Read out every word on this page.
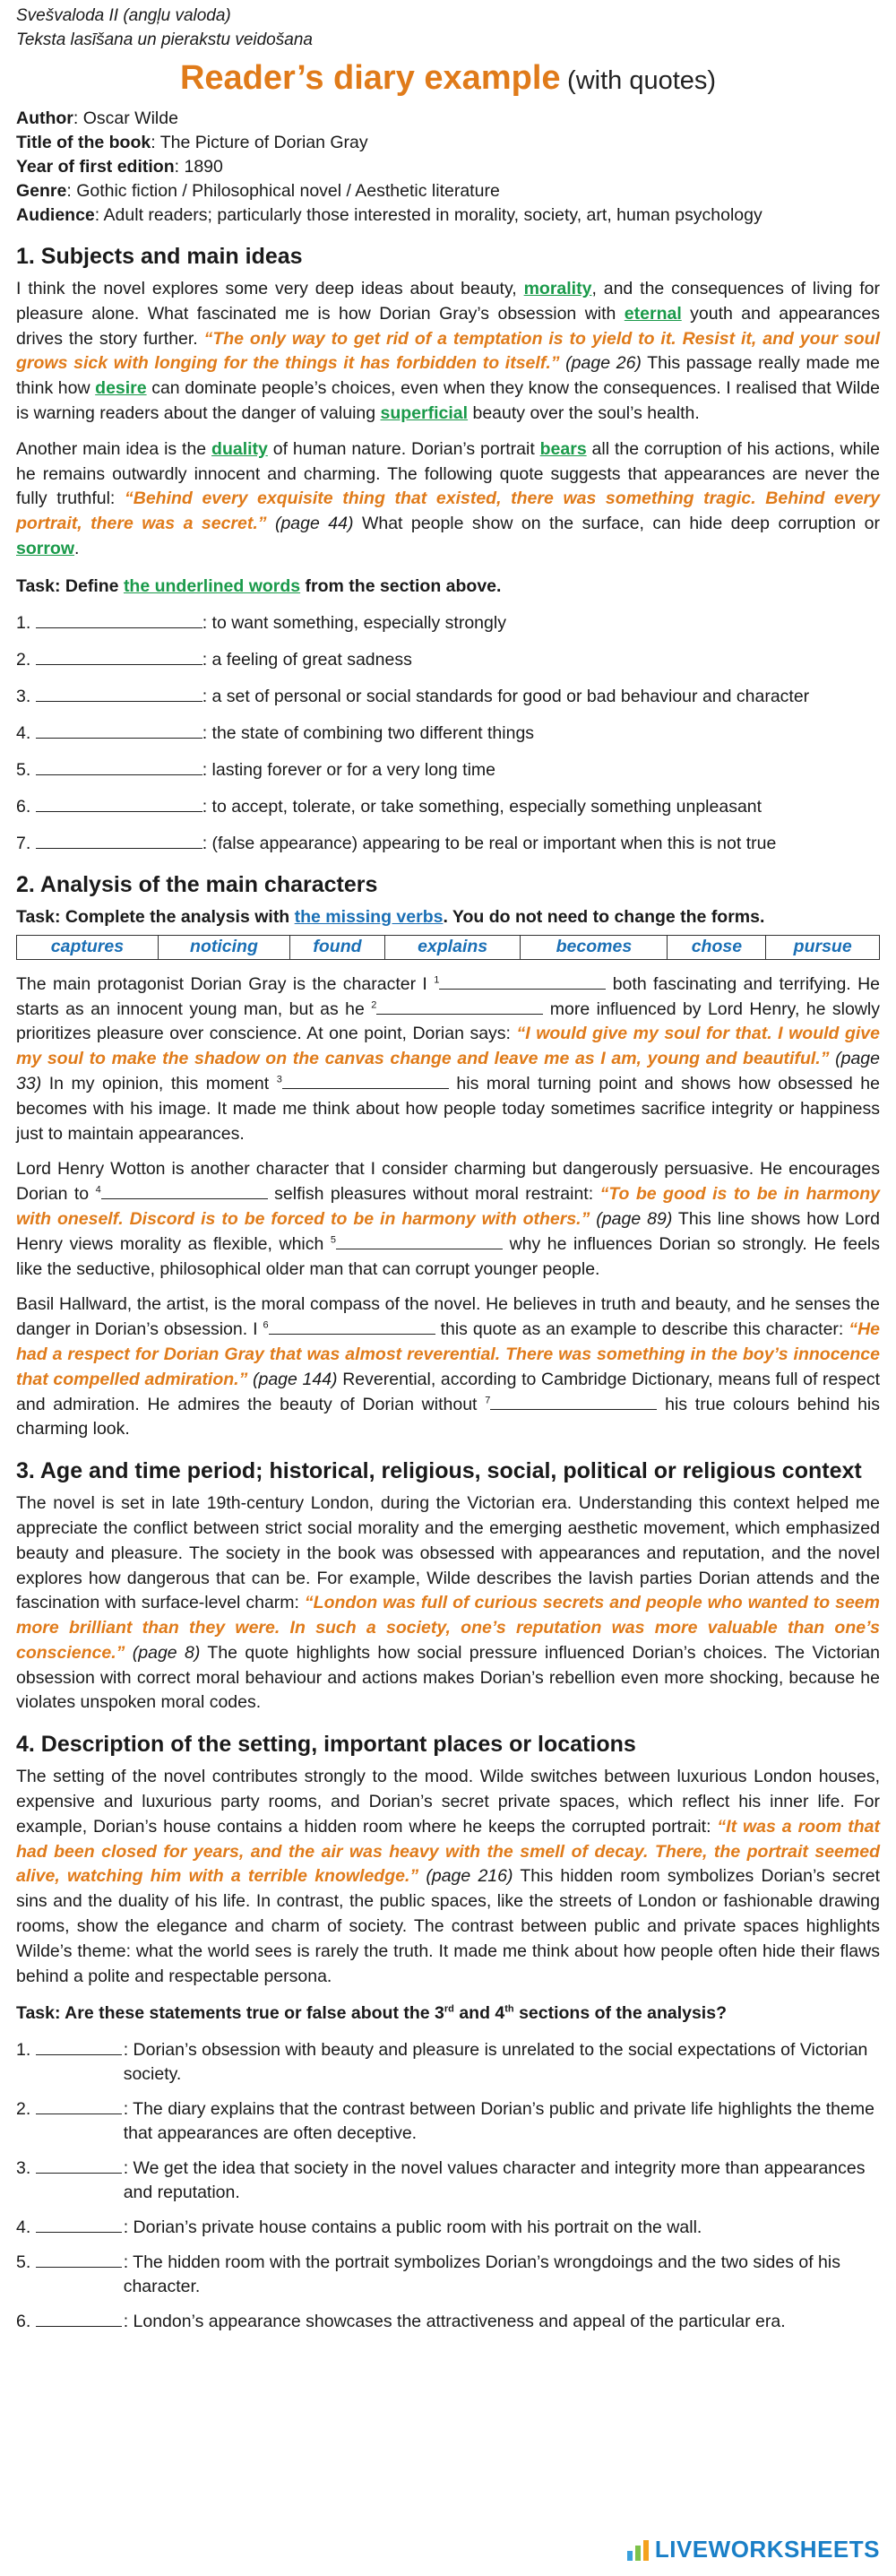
Svešvaloda II (angļu valoda)

Teksta lasīšana un pierakstu veidošana

Reader’s diary example (with quotes)

Author: Oscar Wilde

Title of the book: The Picture of Dorian Gray

Year of first edition: 1890

Genre: Gothic fiction / Philosophical novel / Aesthetic literature

Audience: Adult readers; particularly those interested in morality, society, art, human psychology

1. Subjects and main ideas

I think the novel explores some very deep ideas about beauty, morality, and the consequences of living for pleasure alone. What fascinated me is how Dorian Gray’s obsession with eternal youth and appearances drives the story further. “The only way to get rid of a temptation is to yield to it. Resist it, and your soul grows sick with longing for the things it has forbidden to itself.” (page 26) This passage really made me think how desire can dominate people’s choices, even when they know the consequences. I realised that Wilde is warning readers about the danger of valuing superficial beauty over the soul’s health.

Another main idea is the duality of human nature. Dorian’s portrait bears all the corruption of his actions, while he remains outwardly innocent and charming. The following quote suggests that appearances are never the fully truthful: “Behind every exquisite thing that existed, there was something tragic. Behind every portrait, there was a secret.” (page 44) What people show on the surface, can hide deep corruption or sorrow.

Task: Define the underlined words from the section above.

1.	: to want something, especially strongly
2.	: a feeling of great sadness
3.	: a set of personal or social standards for good or bad behaviour and character
4.	: the state of combining two different things
5.	: lasting forever or for a very long time
6.	: to accept, tolerate, or take something, especially something unpleasant
7.	: (false appearance) appearing to be real or important when this is not true
2. Analysis of the main characters

Task: Complete the analysis with the missing verbs. You do not need to change the forms.

captures	noticing	found	explains	becomes	chose	pursue

The main protagonist Dorian Gray is the character I $^1$	both fascinating and terrifying. He starts as an innocent young man, but as he $^2$	more influenced by Lord Henry, he slowly prioritizes pleasure over conscience. At one point, Dorian says: “I would give my soul for that. I would give my soul to make the shadow on the canvas change and leave me as I am, young and beautiful.” (page 33) In my opinion, this moment $^3$	his moral turning point and shows how obsessed he becomes with his image. It made me think about how people today sometimes sacrifice integrity or happiness just to maintain appearances.

Lord Henry Wotton is another character that I consider charming but dangerously persuasive. He encourages Dorian to $^4$	selfish pleasures without moral restraint: “To be good is to be in harmony with oneself. Discord is to be forced to be in harmony with others.” (page 89) This line shows how Lord Henry views morality as flexible, which $^5$	why he influences Dorian so strongly. He feels like the seductive, philosophical older man that can corrupt younger people.

Basil Hallward, the artist, is the moral compass of the novel. He believes in truth and beauty, and he senses the danger in Dorian’s obsession. I $^6$	this quote as an example to describe this character: “He had a respect for Dorian Gray that was almost reverential. There was something in the boy’s innocence that compelled admiration.” (page 144) Reverential, according to Cambridge Dictionary, means full of respect and admiration. He admires the beauty of Dorian without $^7$	his true colours behind his charming look.

3. Age and time period; historical, religious, social, political or religious context

The novel is set in late 19th-century London, during the Victorian era. Understanding this context helped me appreciate the conflict between strict social morality and the emerging aesthetic movement, which emphasized beauty and pleasure. The society in the book was obsessed with appearances and reputation, and the novel explores how dangerous that can be. For example, Wilde describes the lavish parties Dorian attends and the fascination with surface-level charm: “London was full of curious secrets and people who wanted to seem more brilliant than they were. In such a society, one’s reputation was more valuable than one’s conscience.” (page 8) The quote highlights how social pressure influenced Dorian’s choices. The Victorian obsession with correct moral behaviour and actions makes Dorian’s rebellion even more shocking, because he violates unspoken moral codes.

4. Description of the setting, important places or locations

The setting of the novel contributes strongly to the mood. Wilde switches between luxurious London houses, expensive and luxurious party rooms, and Dorian’s secret private spaces, which reflect his inner life. For example, Dorian’s house contains a hidden room where he keeps the corrupted portrait: “It was a room that had been closed for years, and the air was heavy with the smell of decay. There, the portrait seemed alive, watching him with a terrible knowledge.” (page 216) This hidden room symbolizes Dorian’s secret sins and the duality of his life. In contrast, the public spaces, like the streets of London or fashionable drawing rooms, show the elegance and charm of society. The contrast between public and private spaces highlights Wilde’s theme: what the world sees is rarely the truth. It made me think about how people often hide their flaws behind a polite and respectable persona.

Task: Are these statements true or false about the 3rd and 4th sections of the analysis?

1.	: Dorian’s obsession with beauty and pleasure is unrelated to the social expectations of Victorian society.
2.	: The diary explains that the contrast between Dorian’s public and private life highlights the theme that appearances are often deceptive.
3.	: We get the idea that society in the novel values character and integrity more than appearances and reputation.
4.	: Dorian’s private house contains a public room with his portrait on the wall.
5.	: The hidden room with the portrait symbolizes Dorian’s wrongdoings and the two sides of his character.
6.	: London’s appearance showcases the attractiveness and appeal of the particular era.
LIVEWORKSHEETS
